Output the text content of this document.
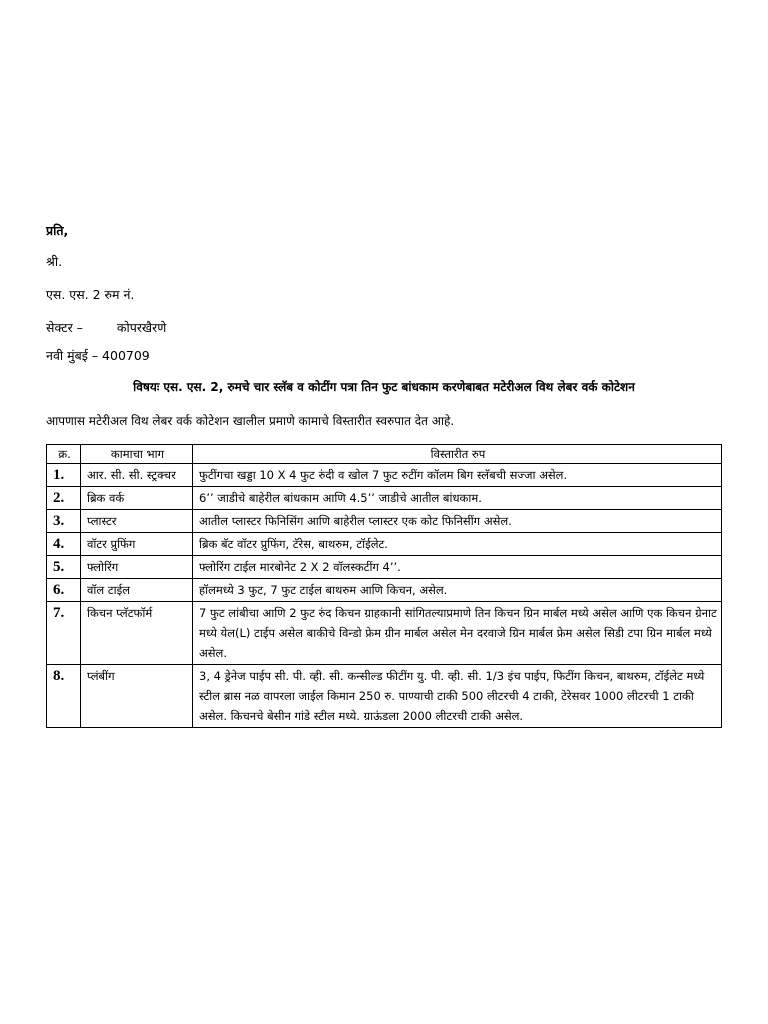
प्रति,
श्री.
एस. एस. 2 रुम नं.
सेक्टर –	कोपरखैरणे
नवी मुंबई – 400709
विषयः एस. एस. 2, रुमचे चार स्लॅब व कोटींग पत्रा तिन फुट बांधकाम करणेबाबत मटेरीअल विथ लेबर वर्क कोटेशन
आपणास मटेरीअल विथ लेबर वर्क कोटेशन खालील प्रमाणे कामाचे विस्तारीत स्वरुपात देत आहे.
क्र.	कामाचा भाग	विस्तारीत रुप
1.	आर. सी. सी. स्ट्रक्चर	फुटींगचा खड्डा 10 X 4 फुट रुंदी व खोल 7 फुट रुटींग कॉलम बिग स्लॅबची सज्जा असेल.
2.	ब्रिक वर्क	6’’ जाडीचे बाहेरील बांधकाम आणि 4.5’’ जाडीचे आतील बांधकाम.
3.	प्लास्टर	आतील प्लास्टर फिनिसिंग आणि बाहेरील प्लास्टर एक कोट फिनिसींग असेल.
4.	वॉटर प्रुफिंग	ब्रिक बॅट वॉटर प्रुफिंग, टॅरेस, बाथरुम, टॉईलेट.
5.	फ्लोरिंग	फ्लोरिंग टाईल मारबोनेट 2 X 2 वॉलस्कटींग 4’’.
6.	वॉल टाईल	हॉलमध्ये 3 फुट, 7 फुट टाईल बाथरुम आणि किचन, असेल.
7.	किचन प्लॅटफॉर्म	7 फुट लांबीचा आणि 2 फुट रुंद किचन ग्राहकानी सांगितल्याप्रमाणे तिन किचन ग्रिन मार्बल मध्ये असेल आणि एक किचन ग्रेनाट मध्ये येल(L) टाईप असेल बाकीचे विन्डो फ्रेम ग्रीन मार्बल असेल मेन दरवाजे ग्रिन मार्बल फ्रेम असेल सिडी टपा ग्रिन मार्बल मध्ये असेल.
8.	प्लंबींग	3, 4 ड्रेनेज पाईप सी. पी. व्ही. सी. कन्सील्ड फीटींग यु. पी. व्ही. सी. 1/3 इंच पाईप, फिटींग किचन, बाथरुम, टॉईलेट मध्ये स्टील ब्रास नळ वापरला जाईल किमान 250 रु. पाण्याची टाकी 500 लीटरची 4 टाकी, टेरेसवर 1000 लीटरची 1 टाकी असेल. किचनचे बेसीन गांडे स्टील मध्ये. ग्राऊंडला 2000 लीटरची टाकी असेल.
